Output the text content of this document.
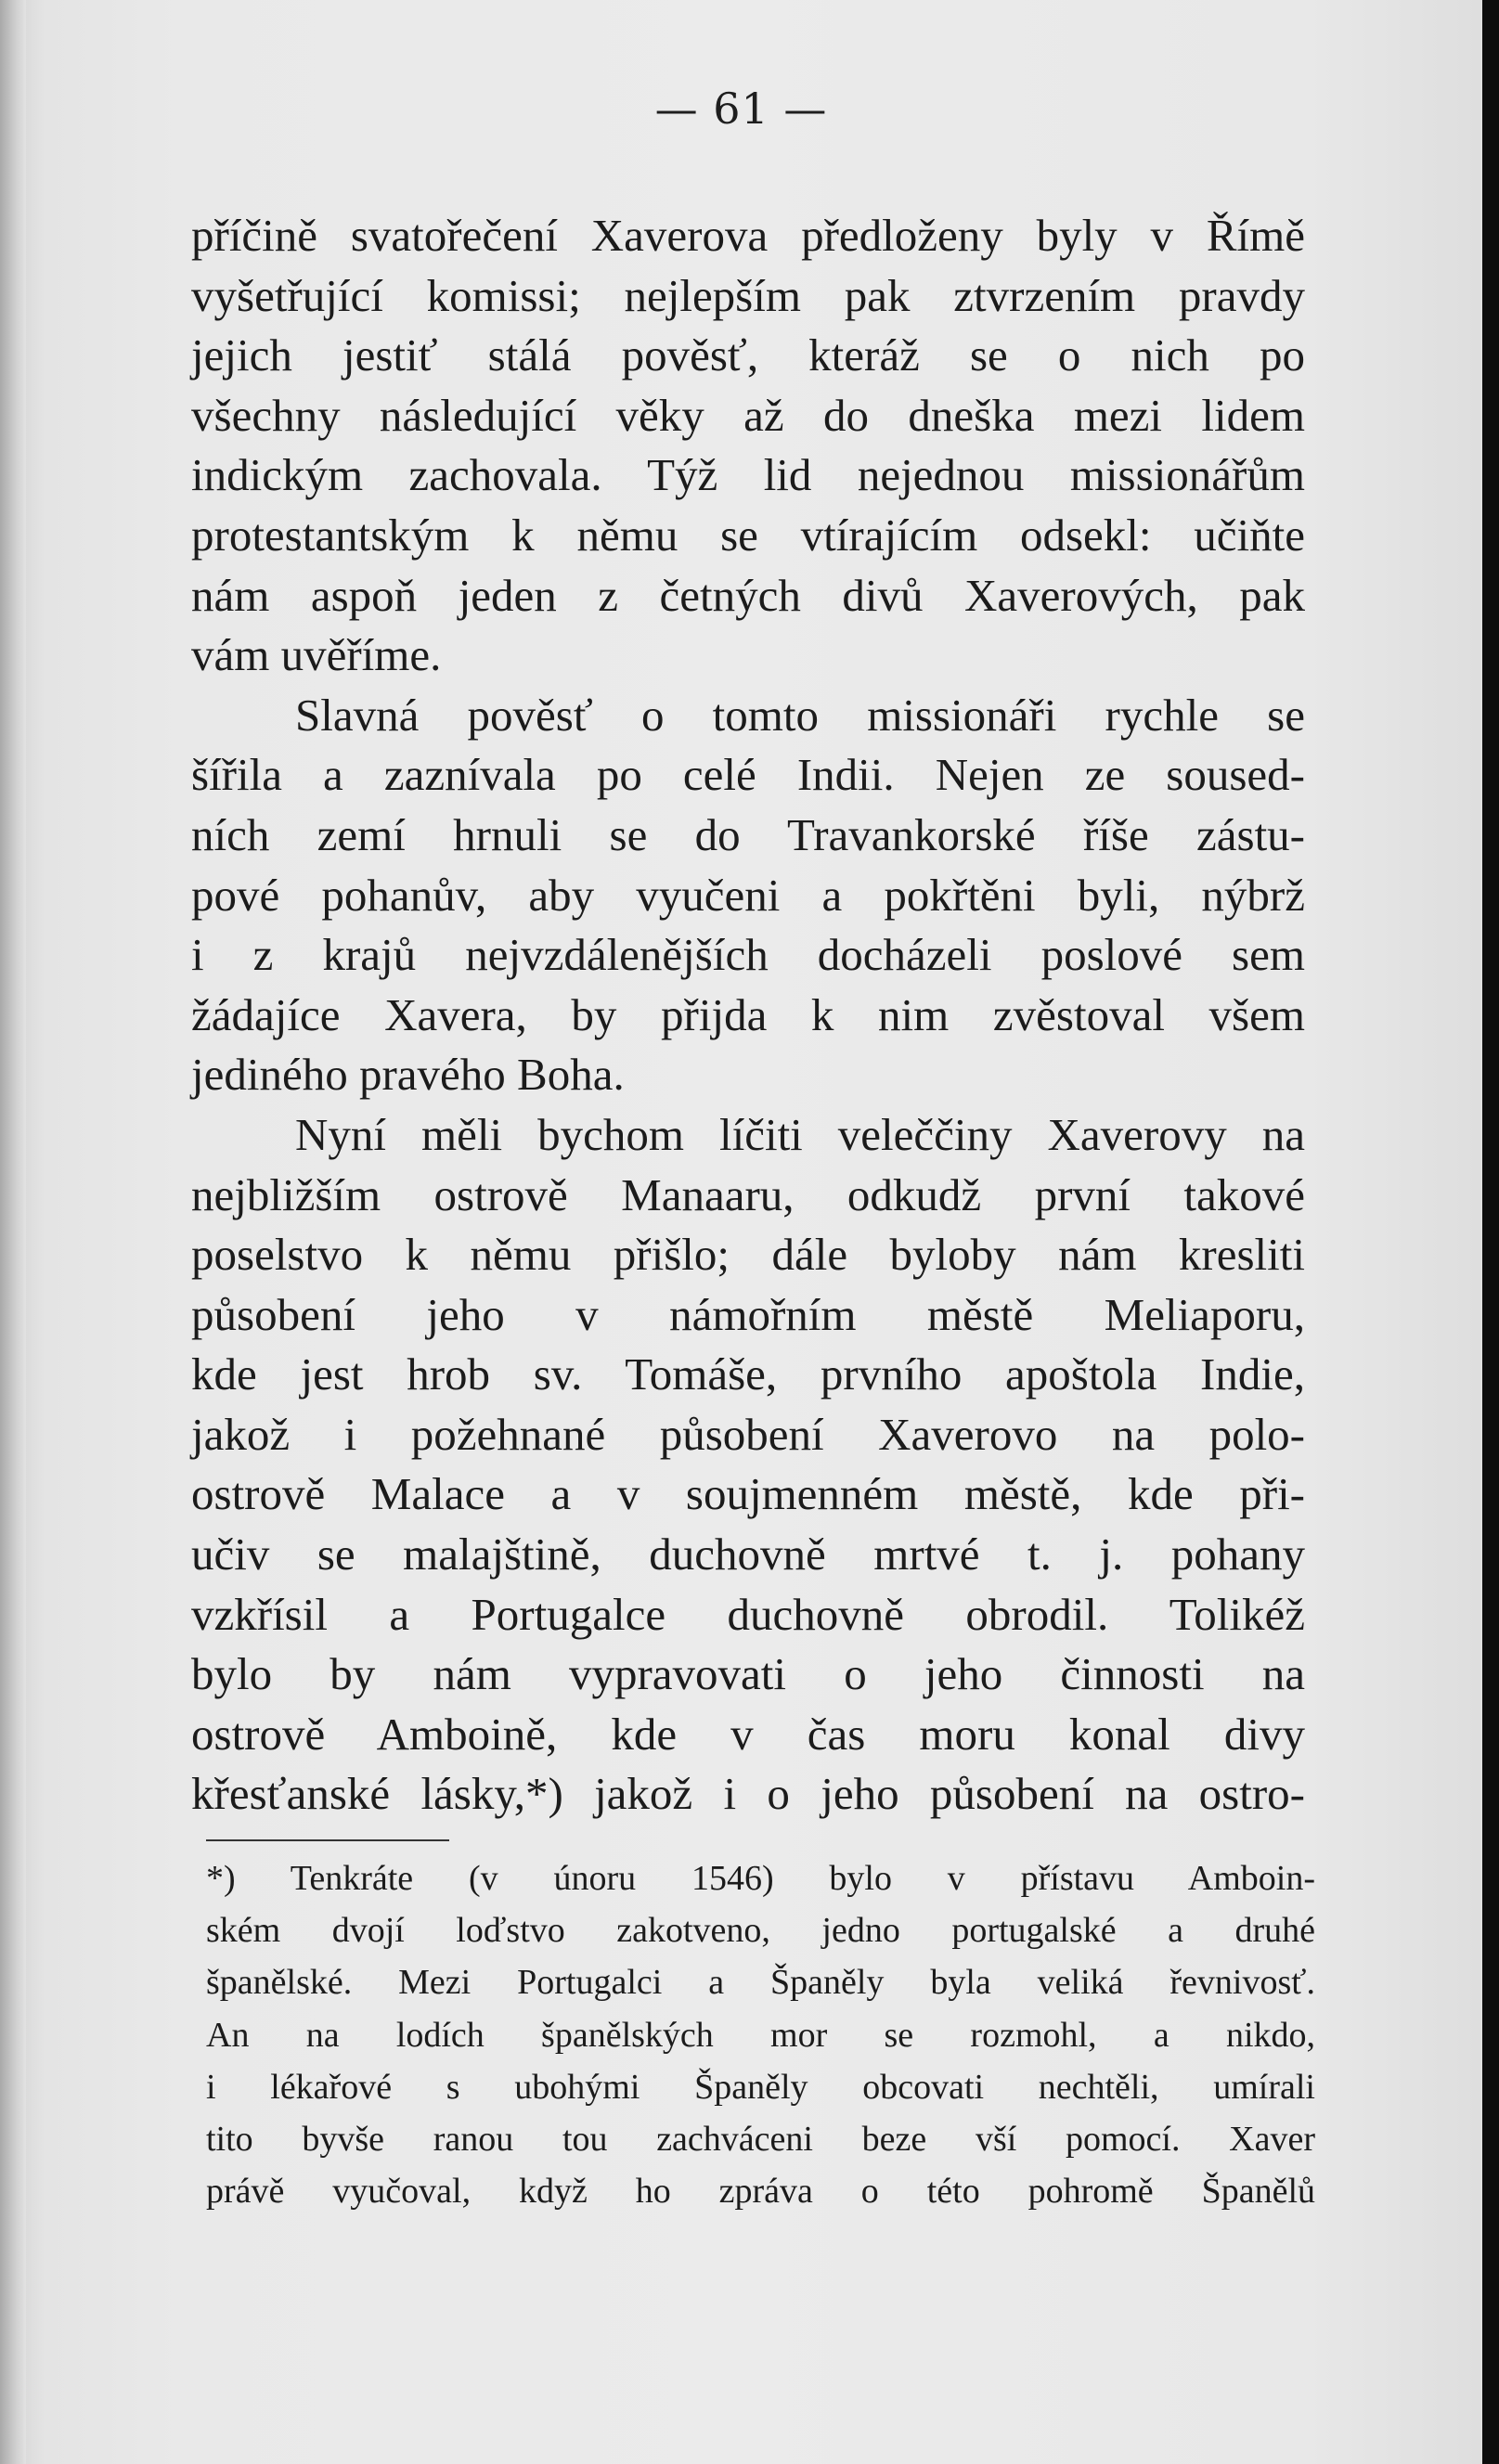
— 61 —
příčině svatořečení Xaverova předloženy byly v Římě
vyšetřující komissi; nejlepším pak ztvrzením pravdy
jejich jestiť stálá pověsť, kteráž se o nich po
všechny následující věky až do dneška mezi lidem
indickým zachovala. Týž lid nejednou missionářům
protestantským k němu se vtírajícím odsekl: učiňte
nám aspoň jeden z četných divů Xaverových, pak
vám uvěříme.
Slavná pověsť o tomto missionáři rychle se
šířila a zaznívala po celé Indii. Nejen ze soused-
ních zemí hrnuli se do Travankorské říše zástu-
pové pohanův, aby vyučeni a pokřtěni byli, nýbrž
i z krajů nejvzdálenějších docházeli poslové sem
žádajíce Xavera, by přijda k nim zvěstoval všem
jediného pravého Boha.
Nyní měli bychom líčiti veleččiny Xaverovy na
nejbližším ostrově Manaaru, odkudž první takové
poselstvo k němu přišlo; dále byloby nám kresliti
působení jeho v námořním městě Meliaporu,
kde jest hrob sv. Tomáše, prvního apoštola Indie,
jakož i požehnané působení Xaverovo na polo-
ostrově Malace a v soujmenném městě, kde při-
učiv se malajštině, duchovně mrtvé t. j. pohany
vzkřísil a Portugalce duchovně obrodil. Tolikéž
bylo by nám vypravovati o jeho činnosti na
ostrově Amboině, kde v čas moru konal divy
křesťanské lásky,*) jakož i o jeho působení na ostro-
*) Tenkráte (v únoru 1546) bylo v přístavu Amboin-
ském dvojí loďstvo zakotveno, jedno portugalské a druhé
španělské. Mezi Portugalci a Španěly byla veliká řevnivosť.
An na lodích španělských mor se rozmohl, a nikdo,
i lékařové s ubohými Španěly obcovati nechtěli, umírali
tito byvše ranou tou zachváceni beze vší pomocí. Xaver
právě vyučoval, když ho zpráva o této pohromě Španělů
